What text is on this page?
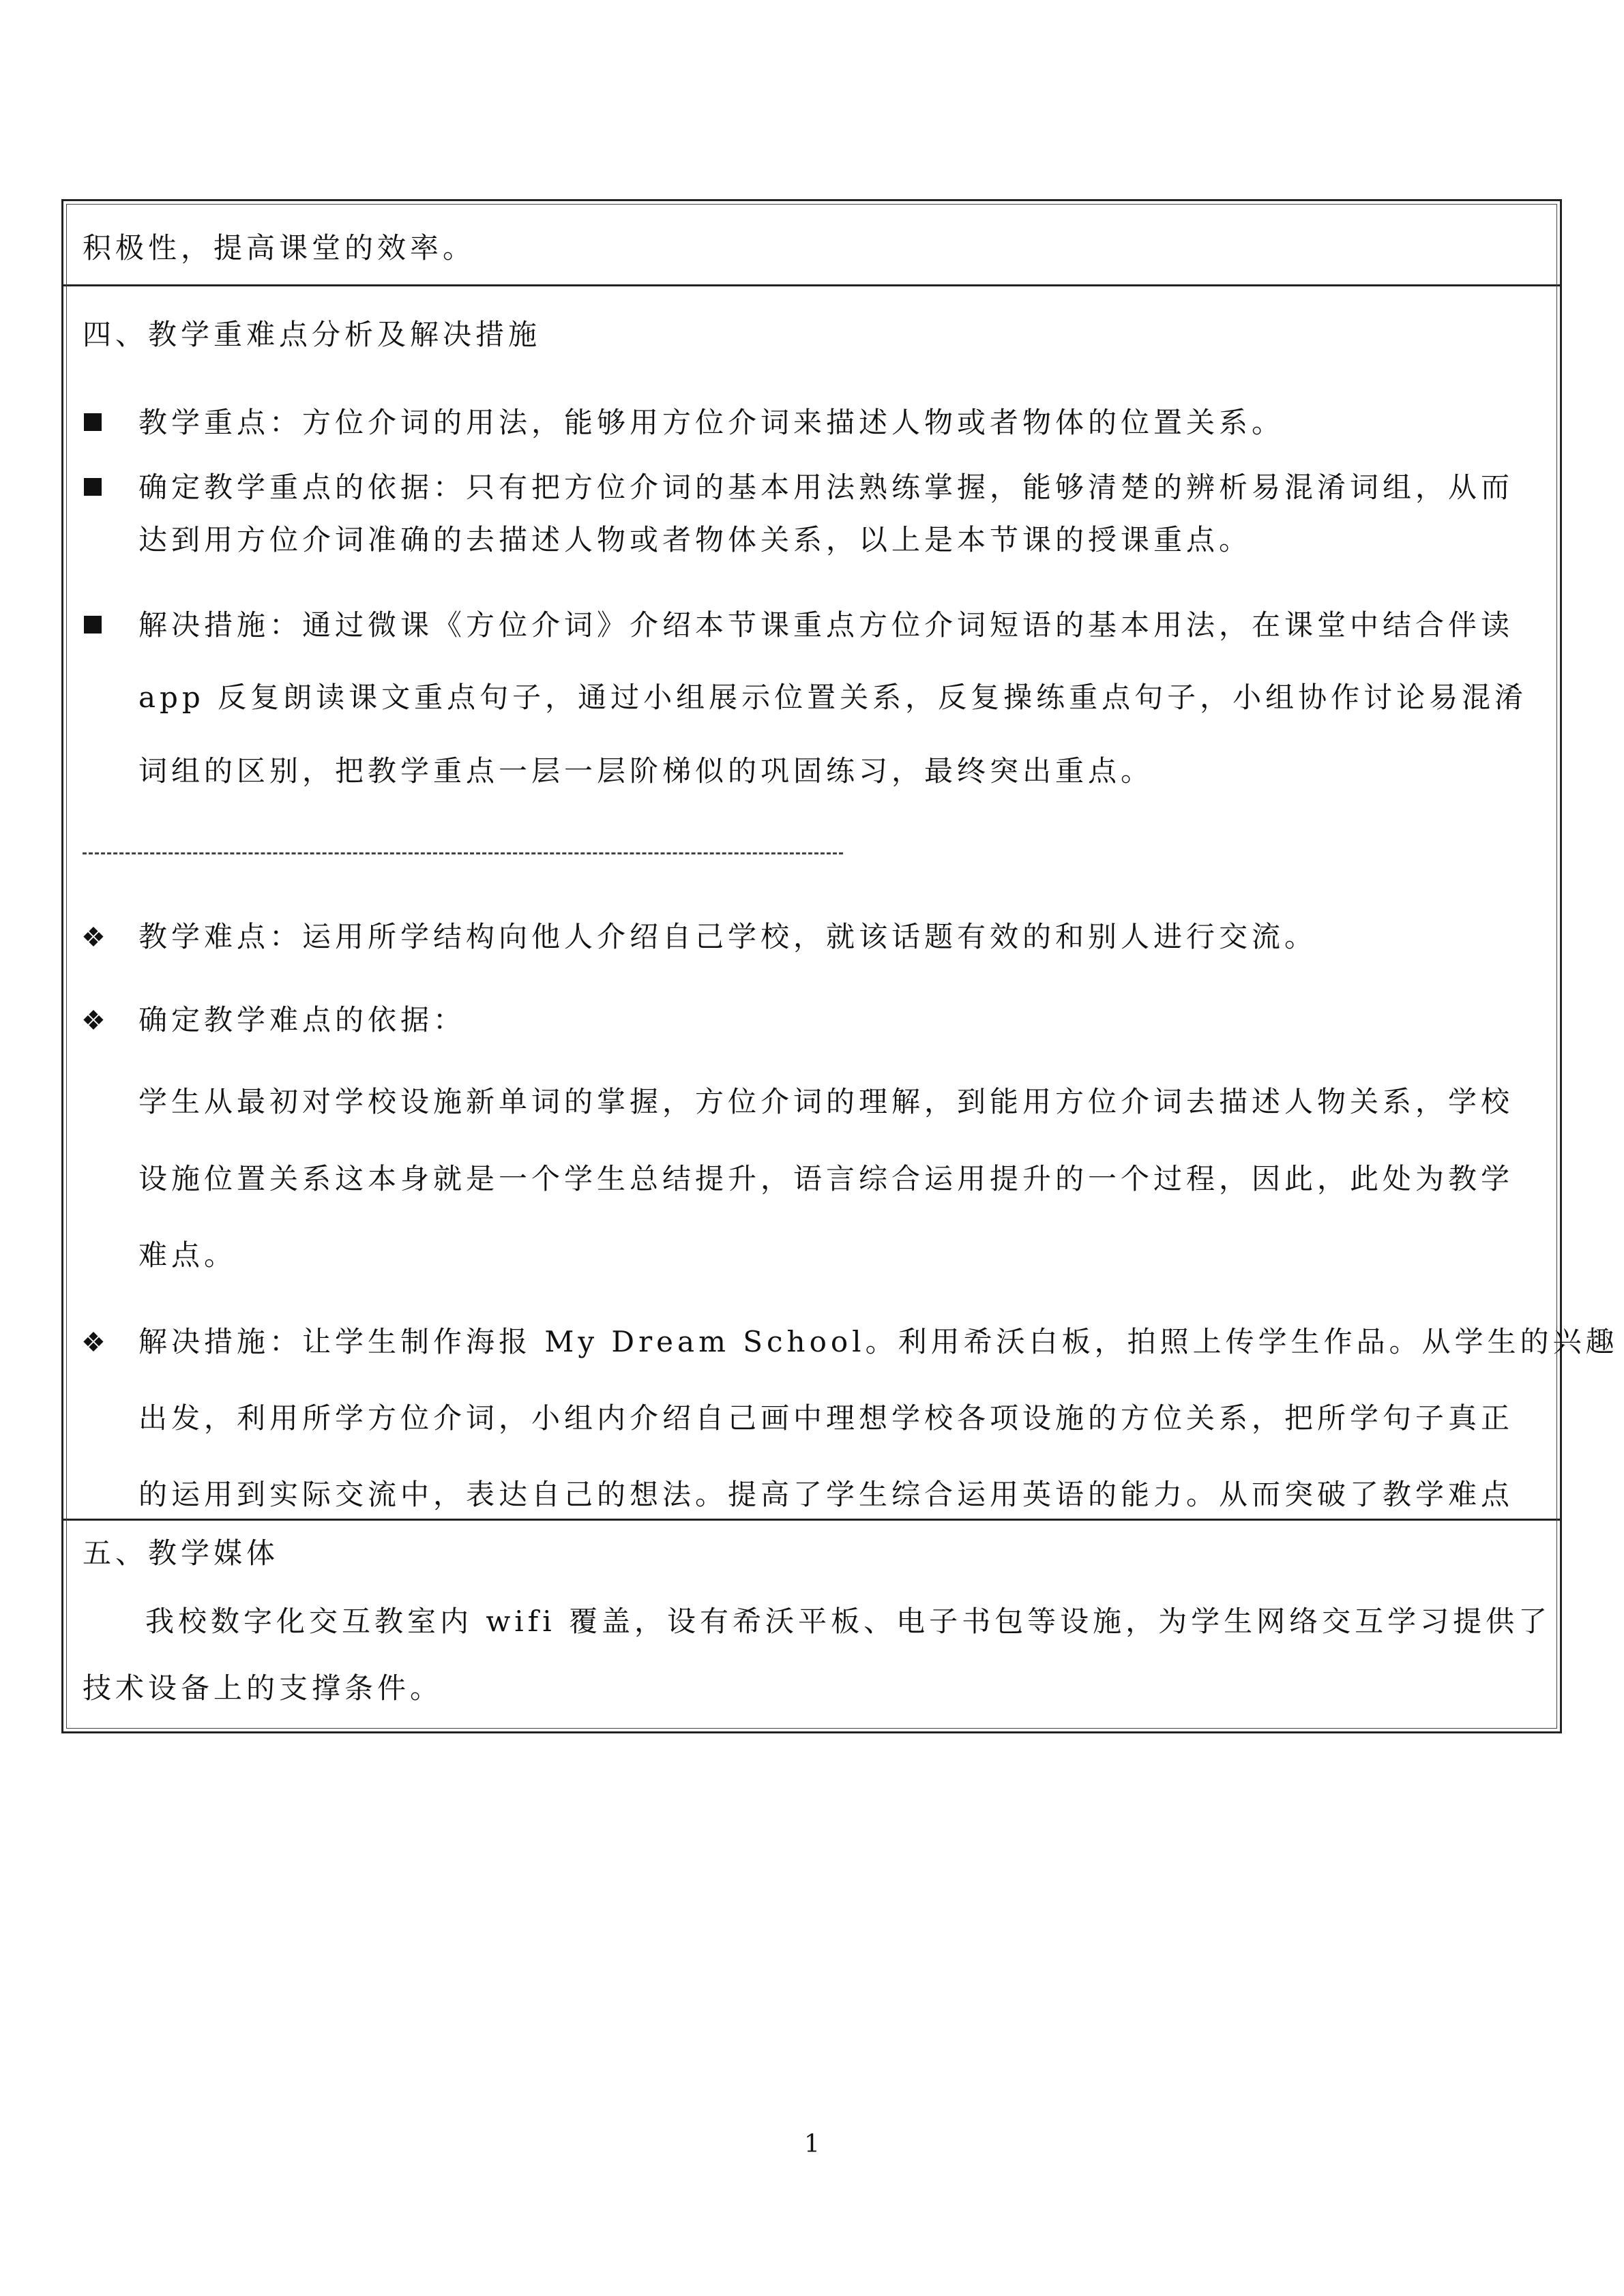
积极性，提高课堂的效率。
四、教学重难点分析及解决措施
教学重点：方位介词的用法，能够用方位介词来描述人物或者物体的位置关系。
确定教学重点的依据：只有把方位介词的基本用法熟练掌握，能够清楚的辨析易混淆词组，从而
达到用方位介词准确的去描述人物或者物体关系，以上是本节课的授课重点。
解决措施：通过微课《方位介词》介绍本节课重点方位介词短语的基本用法，在课堂中结合伴读
app 反复朗读课文重点句子，通过小组展示位置关系，反复操练重点句子，小组协作讨论易混淆
词组的区别，把教学重点一层一层阶梯似的巩固练习，最终突出重点。
❖ 教学难点：运用所学结构向他人介绍自己学校，就该话题有效的和别人进行交流。
❖ 确定教学难点的依据：
学生从最初对学校设施新单词的掌握，方位介词的理解，到能用方位介词去描述人物关系，学校
设施位置关系这本身就是一个学生总结提升，语言综合运用提升的一个过程，因此，此处为教学
难点。
❖ 解决措施：让学生制作海报 My Dream School。利用希沃白板，拍照上传学生作品。从学生的兴趣
出发，利用所学方位介词，小组内介绍自己画中理想学校各项设施的方位关系，把所学句子真正
的运用到实际交流中，表达自己的想法。提高了学生综合运用英语的能力。从而突破了教学难点
五、教学媒体
我校数字化交互教室内 wifi 覆盖，设有希沃平板、电子书包等设施，为学生网络交互学习提供了
技术设备上的支撑条件。
1
